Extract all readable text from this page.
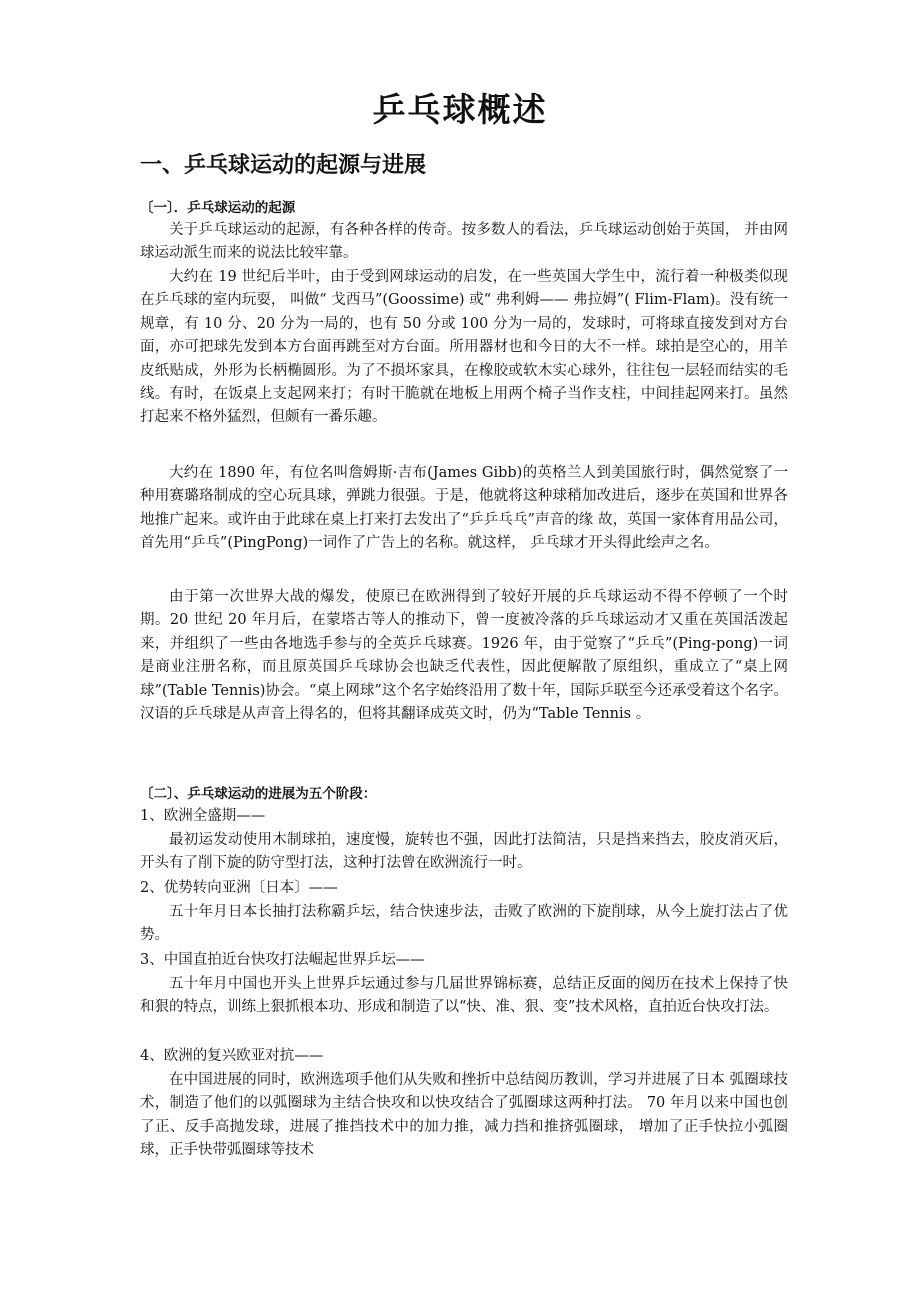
乒乓球概述
一、乒乓球运动的起源与进展
〔一〕．乒乓球运动的起源

关于乒乓球运动的起源，有各种各样的传奇。按多数人的看法，乒乓球运动创始于英国， 并由网球运动派生而来的说法比较牢靠。

大约在 19 世纪后半叶，由于受到网球运动的启发，在一些英国大学生中，流行着一种极类似现在乒乓球的室内玩耍， 叫做“ 戈西马”(Goossime) 或“ 弗利姆—— 弗拉姆”( Flim-Flam)。没有统一规章，有 10 分、20 分为一局的，也有 50 分或 100 分为一局的，发球时，可将球直接发到对方台面，亦可把球先发到本方台面再跳至对方台面。所用器材也和今日的大不一样。球拍是空心的，用羊皮纸贴成，外形为长柄椭圆形。为了不损坏家具，在橡胶或软木实心球外，往往包一层轻而结实的毛线。有时，在饭桌上支起网来打；有时干脆就在地板上用两个椅子当作支柱，中间挂起网来打。虽然打起来不格外猛烈，但颇有一番乐趣。

大约在 1890 年，有位名叫詹姆斯·吉布(James Gibb)的英格兰人到美国旅行时，偶然觉察了一种用赛璐珞制成的空心玩具球，弹跳力很强。于是，他就将这种球稍加改进后，逐步在英国和世界各地推广起来。或许由于此球在桌上打来打去发出了“乒乒乓乓”声音的缘 故，英国一家体育用品公司，首先用“乒乓”(PingPong)一词作了广告上的名称。就这样， 乒乓球才开头得此绘声之名。

由于第一次世界大战的爆发，使原已在欧洲得到了较好开展的乒乓球运动不得不停顿了一个时期。20 世纪 20 年月后，在蒙塔古等人的推动下，曾一度被冷落的乒乓球运动才又重在英国活泼起来，并组织了一些由各地选手参与的全英乒乓球赛。1926 年，由于觉察了“乒乓”(Ping-pong)一词是商业注册名称，而且原英国乒乓球协会也缺乏代表性，因此便解散了原组织，重成立了“桌上网球”(Table Tennis)协会。“桌上网球”这个名字始终沿用了数十年，国际乒联至今还承受着这个名字。汉语的乒乓球是从声音上得名的，但将其翻译成英文时，仍为“Table Tennis 。

〔二〕、乒乓球运动的进展为五个阶段：
1、欧洲全盛期——

最初运发动使用木制球拍，速度慢，旋转也不强，因此打法简洁，只是挡来挡去，胶皮消灭后，开头有了削下旋的防守型打法，这种打法曾在欧洲流行一时。

2、优势转向亚洲〔日本〕——

五十年月日本长抽打法称霸乒坛，结合快速步法，击败了欧洲的下旋削球，从今上旋打法占了优势。

3、中国直拍近台快攻打法崛起世界乒坛——

五十年月中国也开头上世界乒坛通过参与几届世界锦标赛，总结正反面的阅历在技术上保持了快和狠的特点，训练上狠抓根本功、形成和制造了以“快、准、狠、变”技术风格，直拍近台快攻打法。

4、欧洲的复兴欧亚对抗——

在中国进展的同时，欧洲选项手他们从失败和挫折中总结阅历教训，学习并进展了日本 弧圈球技术，制造了他们的以弧圈球为主结合快攻和以快攻结合了弧圈球这两种打法。 70 年月以来中国也创了正、反手高抛发球，进展了推挡技术中的加力推，减力挡和推挤弧圈球， 增加了正手快拉小弧圈球，正手快带弧圈球等技术
